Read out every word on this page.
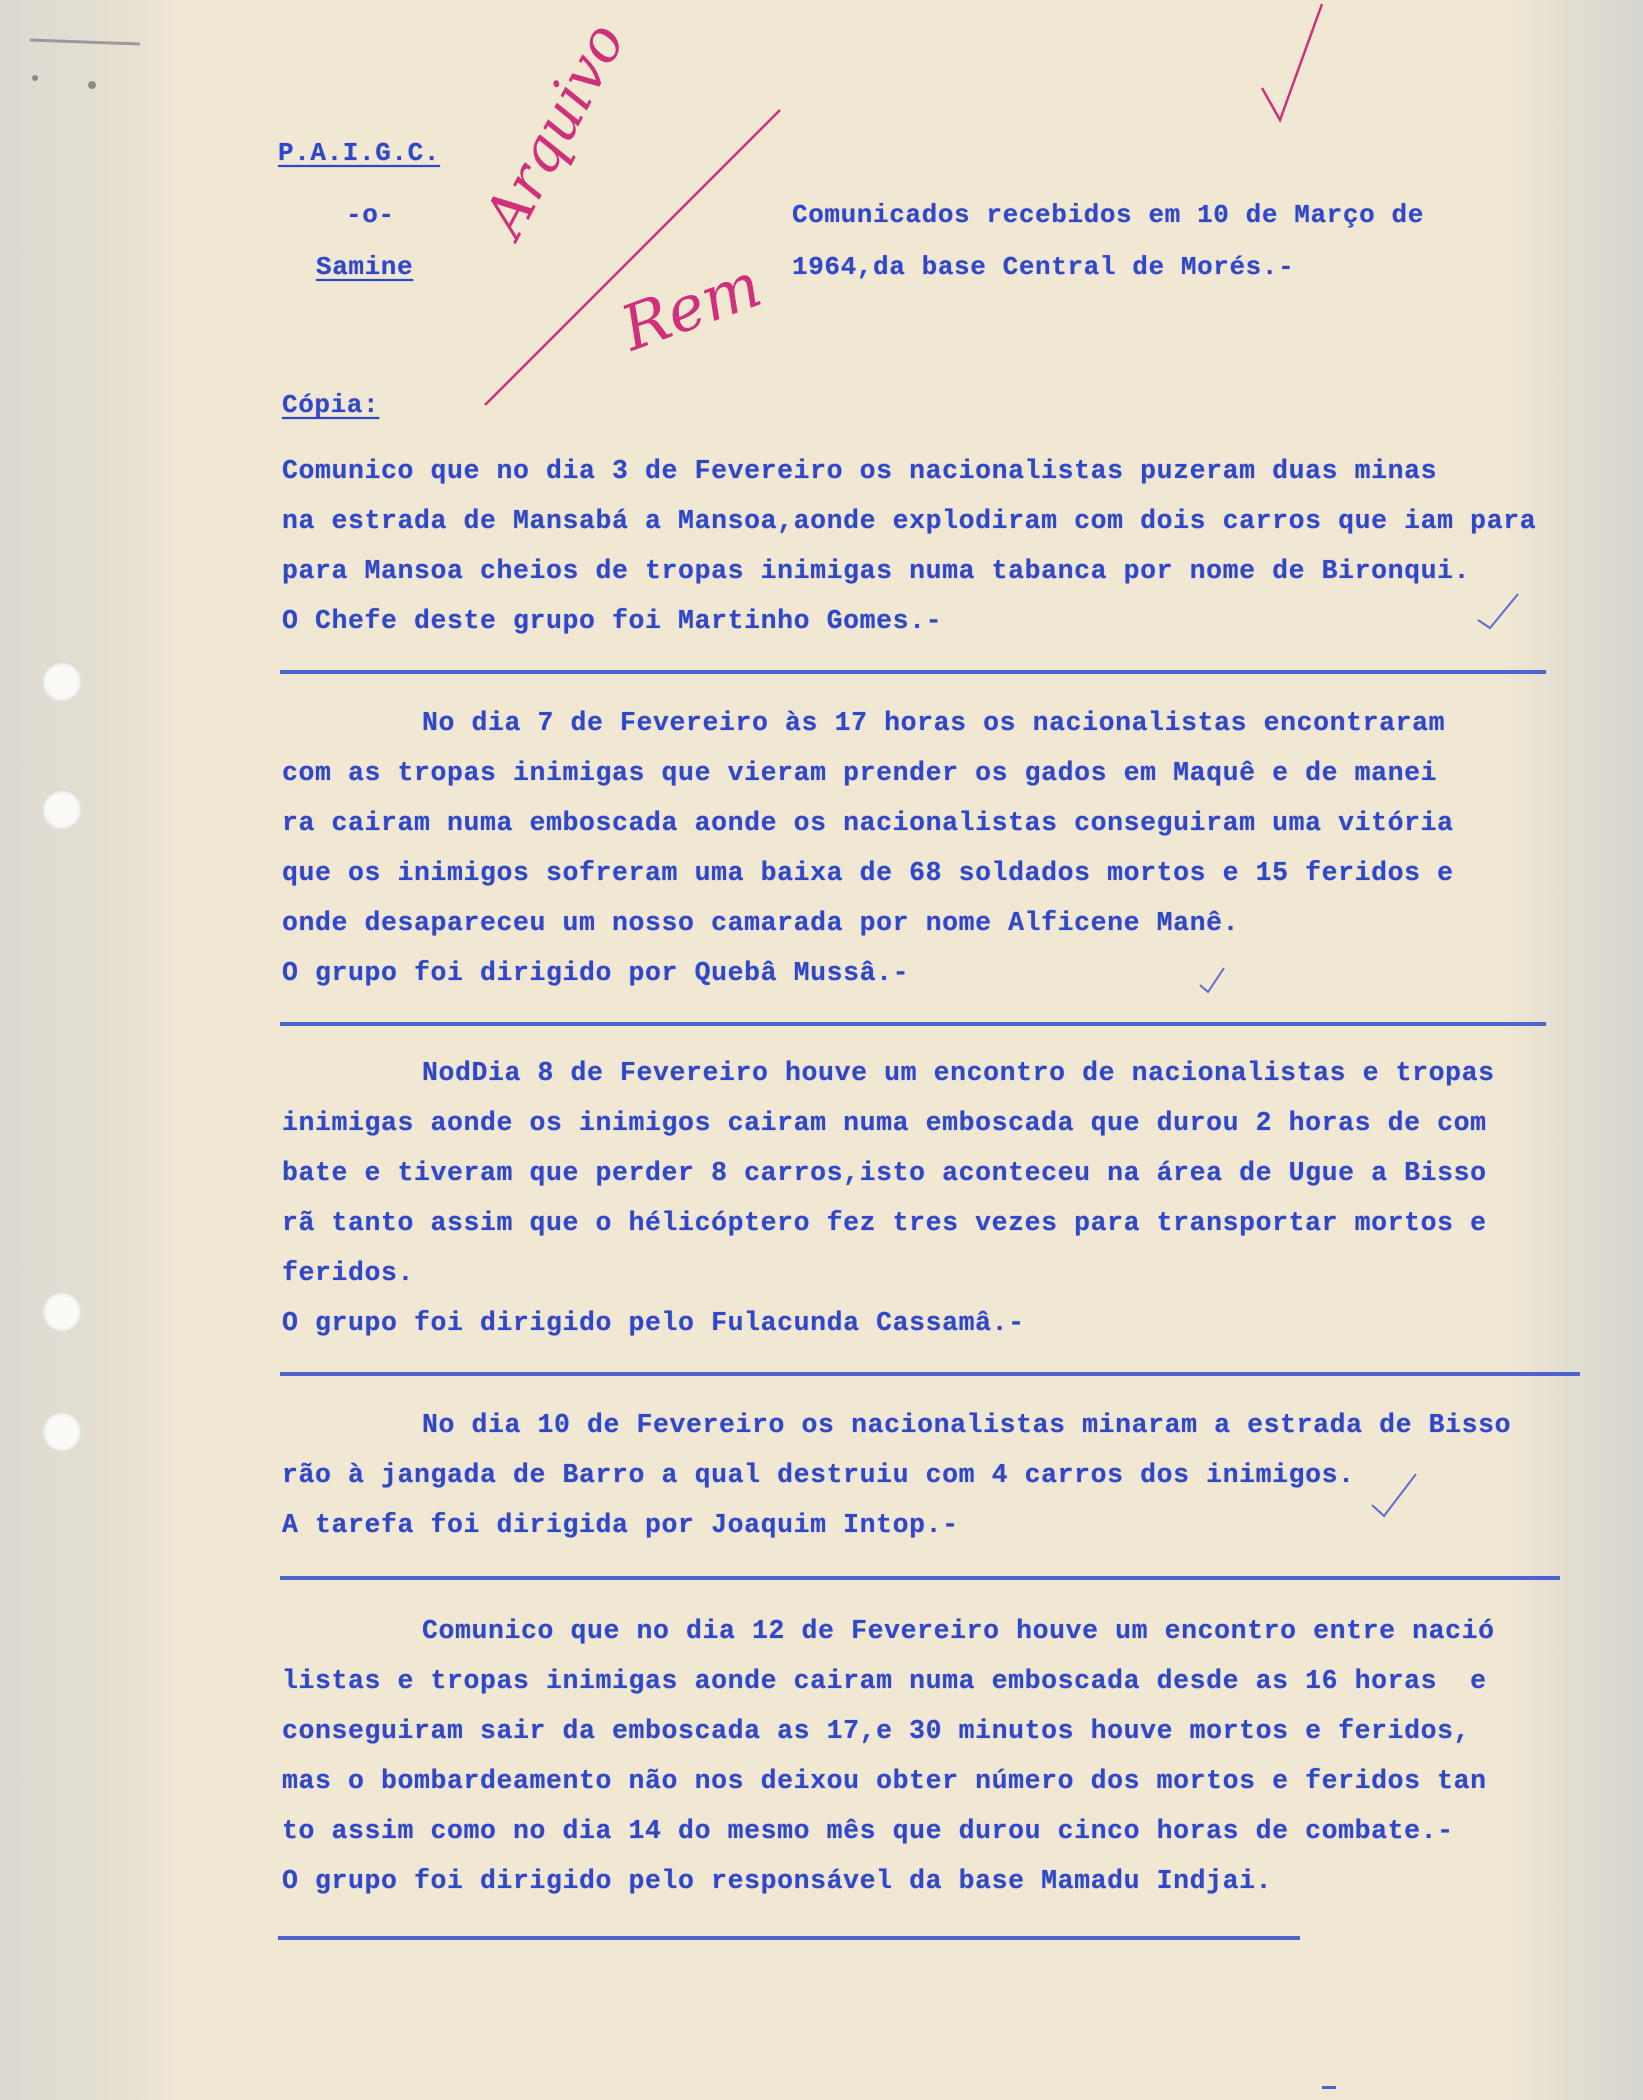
P.A.I.G.C.
-o-
Samine
Comunicados recebidos em 10 de Março de
1964,da base Central de Morés.-
Arquivo
Rem
Cópia:
Comunico que no dia 3 de Fevereiro os nacionalistas puzeram duas minas
na estrada de Mansabá a Mansoa,aonde explodiram com dois carros que iam para
para Mansoa cheios de tropas inimigas numa tabanca por nome de Bironqui.
O Chefe deste grupo foi Martinho Gomes.-
No dia 7 de Fevereiro às 17 horas os nacionalistas encontraram
com as tropas inimigas que vieram prender os gados em Maquê e de manei
ra cairam numa emboscada aonde os nacionalistas conseguiram uma vitória
que os inimigos sofreram uma baixa de 68 soldados mortos e 15 feridos e
onde desapareceu um nosso camarada por nome Alficene Manê.
O grupo foi dirigido por Quebâ Mussâ.-
NodDia 8 de Fevereiro houve um encontro de nacionalistas e tropas
inimigas aonde os inimigos cairam numa emboscada que durou 2 horas de com
bate e tiveram que perder 8 carros,isto aconteceu na área de Ugue a Bisso
rã tanto assim que o hélicóptero fez tres vezes para transportar mortos e
feridos.
O grupo foi dirigido pelo Fulacunda Cassamâ.-
No dia 10 de Fevereiro os nacionalistas minaram a estrada de Bisso
rão à jangada de Barro a qual destruiu com 4 carros dos inimigos.
A tarefa foi dirigida por Joaquim Intop.-
Comunico que no dia 12 de Fevereiro houve um encontro entre nació
listas e tropas inimigas aonde cairam numa emboscada desde as 16 horas  e
conseguiram sair da emboscada as 17,e 30 minutos houve mortos e feridos,
mas o bombardeamento não nos deixou obter número dos mortos e feridos tan
to assim como no dia 14 do mesmo mês que durou cinco horas de combate.-
O grupo foi dirigido pelo responsável da base Mamadu Indjai.
